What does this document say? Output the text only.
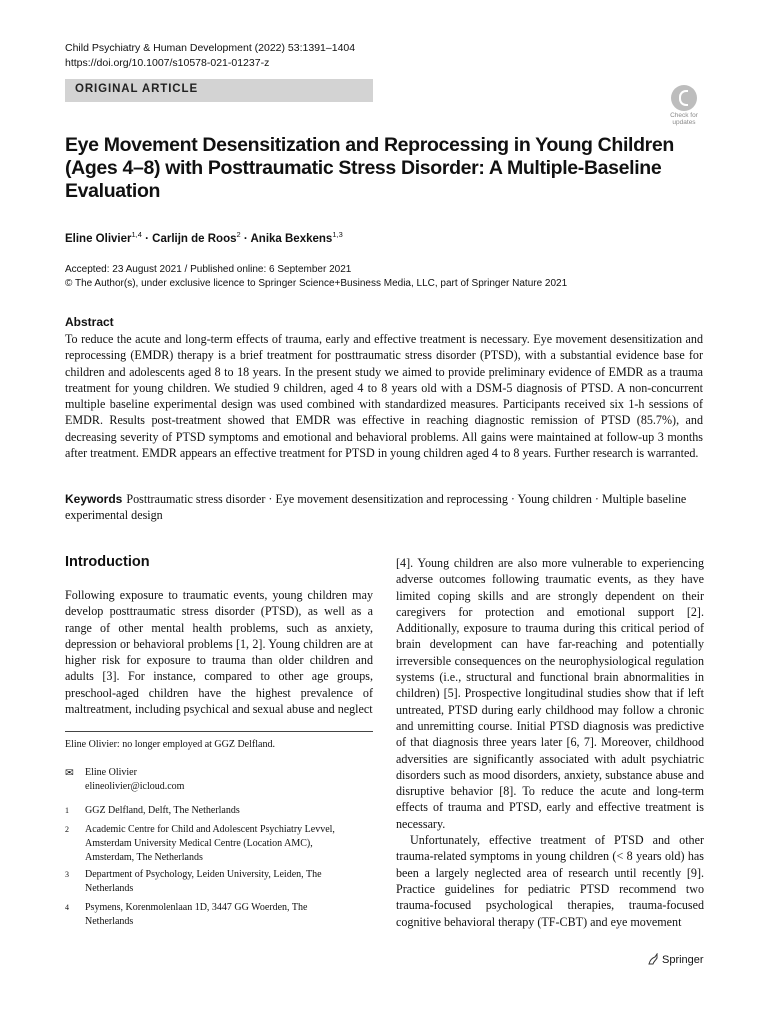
Child Psychiatry & Human Development (2022) 53:1391–1404
https://doi.org/10.1007/s10578-021-01237-z
ORIGINAL ARTICLE
Check for updates
Eye Movement Desensitization and Reprocessing in Young Children (Ages 4–8) with Posttraumatic Stress Disorder: A Multiple-Baseline Evaluation
Eline Olivier$^{1,4}$ · Carlijn de Roos$^2$ · Anika Bexkens$^{1,3}$
Accepted: 23 August 2021 / Published online: 6 September 2021
© The Author(s), under exclusive licence to Springer Science+Business Media, LLC, part of Springer Nature 2021
Abstract
To reduce the acute and long-term effects of trauma, early and effective treatment is necessary. Eye movement desensitization and reprocessing (EMDR) therapy is a brief treatment for posttraumatic stress disorder (PTSD), with a substantial evidence base for children and adolescents aged 8 to 18 years. In the present study we aimed to provide preliminary evidence of EMDR as a trauma treatment for young children. We studied 9 children, aged 4 to 8 years old with a DSM-5 diagnosis of PTSD. A non-concurrent multiple baseline experimental design was used combined with standardized measures. Participants received six 1-h sessions of EMDR. Results post-treatment showed that EMDR was effective in reaching diagnostic remission of PTSD (85.7%), and decreasing severity of PTSD symptoms and emotional and behavioral problems. All gains were maintained at follow-up 3 months after treatment. EMDR appears an effective treatment for PTSD in young children aged 4 to 8 years. Further research is warranted.
Keywords Posttraumatic stress disorder · Eye movement desensitization and reprocessing · Young children · Multiple baseline experimental design
Introduction

Following exposure to traumatic events, young children may develop posttraumatic stress disorder (PTSD), as well as a range of other mental health problems, such as anxiety, depression or behavioral problems [1, 2]. Young children are at higher risk for exposure to trauma than older children and adults [3]. For instance, compared to other age groups, preschool-aged children have the highest prevalence of maltreatment, including psychical and sexual abuse and neglect

[4]. Young children are also more vulnerable to experiencing adverse outcomes following traumatic events, as they have limited coping skills and are strongly dependent on their caregivers for protection and emotional support [2]. Additionally, exposure to trauma during this critical period of brain development can have far-reaching and potentially irreversible consequences on the neurophysiological regulation systems (i.e., structural and functional brain abnormalities in children) [5]. Prospective longitudinal studies show that if left untreated, PTSD during early childhood may follow a chronic and unremitting course. Initial PTSD diagnosis was predictive of that diagnosis three years later [6, 7]. Moreover, childhood adversities are significantly associated with adult psychiatric disorders such as mood disorders, anxiety, substance abuse and disruptive behavior [8]. To reduce the acute and long-term effects of trauma and PTSD, early and effective treatment is necessary.

Unfortunately, effective treatment of PTSD and other trauma-related symptoms in young children (< 8 years old) has been a largely neglected area of research until recently [9]. Practice guidelines for pediatric PTSD recommend two trauma-focused psychological therapies, trauma-focused cognitive behavioral therapy (TF-CBT) and eye movement

Eline Olivier: no longer employed at GGZ Delfland.
✉ Eline Olivier
elineolivier@icloud.com
1 GGZ Delfland, Delft, The Netherlands
2 Academic Centre for Child and Adolescent Psychiatry Levvel, Amsterdam University Medical Centre (Location AMC), Amsterdam, The Netherlands
3 Department of Psychology, Leiden University, Leiden, The Netherlands
4 Psymens, Korenmolenlaan 1D, 3447 GG Woerden, The Netherlands
Springer
